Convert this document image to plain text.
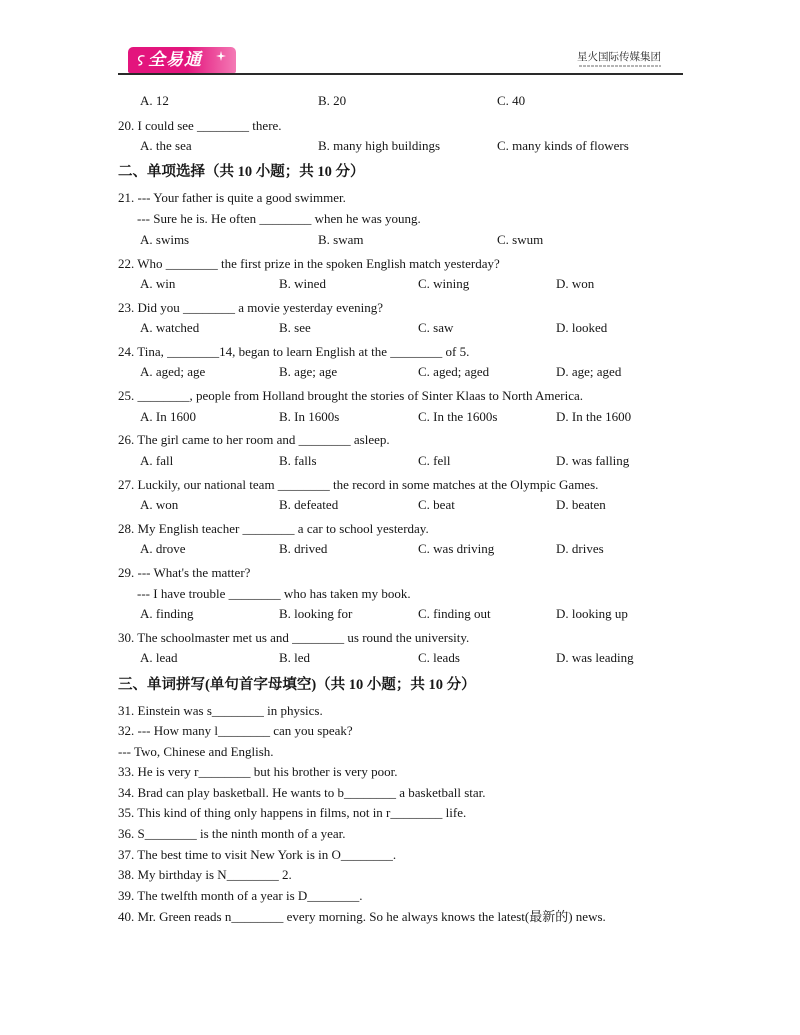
全易通	星火国际传媒集团
A. 12	B. 20	C. 40
20. I could see ________ there.
A. the sea	B. many high buildings	C. many kinds of flowers
二、单项选择（共 10 小题；共 10 分）
21. --- Your father is quite a good swimmer.
--- Sure he is. He often ________ when he was young.
A. swims	B. swam	C. swum
22. Who ________ the first prize in the spoken English match yesterday?
A. win	B. wined	C. wining	D. won
23. Did you ________ a movie yesterday evening?
A. watched	B. see	C. saw	D. looked
24. Tina, ________14, began to learn English at the ________ of 5.
A. aged; age	B. age; age	C. aged; aged	D. age; aged
25. ________, people from Holland brought the stories of Sinter Klaas to North America.
A. In 1600	B. In 1600s	C. In the 1600s	D. In the 1600
26. The girl came to her room and ________ asleep.
A. fall	B. falls	C. fell	D. was falling
27. Luckily, our national team ________ the record in some matches at the Olympic Games.
A. won	B. defeated	C. beat	D. beaten
28. My English teacher ________ a car to school yesterday.
A. drove	B. drived	C. was driving	D. drives
29. --- What's the matter?
--- I have trouble ________ who has taken my book.
A. finding	B. looking for	C. finding out	D. looking up
30. The schoolmaster met us and ________ us round the university.
A. lead	B. led	C. leads	D. was leading
三、单词拼写(单句首字母填空)（共 10 小题；共 10 分）
31. Einstein was s________ in physics.
32. --- How many l________ can you speak?
--- Two, Chinese and English.
33. He is very r________ but his brother is very poor.
34. Brad can play basketball. He wants to b________ a basketball star.
35. This kind of thing only happens in films, not in r________ life.
36. S________ is the ninth month of a year.
37. The best time to visit New York is in O________.
38. My birthday is N________ 2.
39. The twelfth month of a year is D________.
40. Mr. Green reads n________ every morning. So he always knows the latest(最新的) news.
